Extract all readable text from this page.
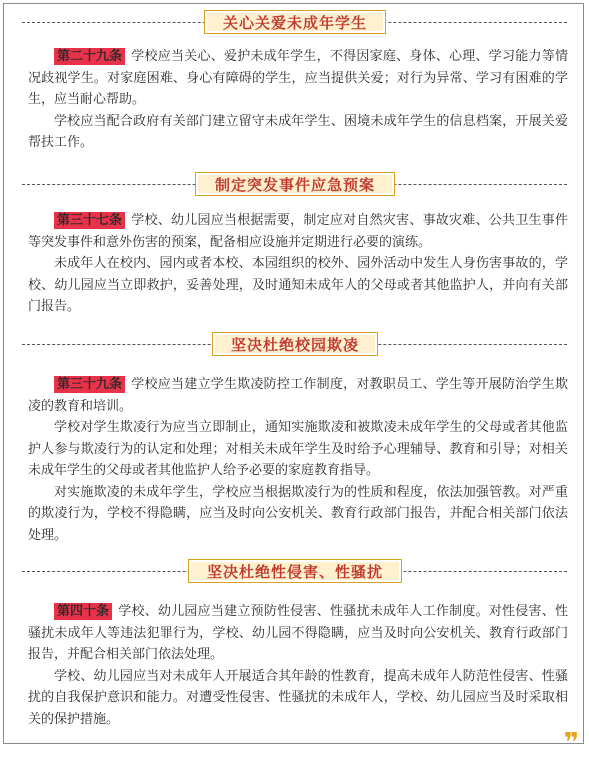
关心关爱未成年学生

第二十九条 学校应当关心、爱护未成年学生，不得因家庭、身体、心理、学习能力等情况歧视学生。对家庭困难、身心有障碍的学生，应当提供关爱；对行为异常、学习有困难的学生，应当耐心帮助。

学校应当配合政府有关部门建立留守未成年学生、困境未成年学生的信息档案，开展关爱帮扶工作。

制定突发事件应急预案

第三十七条 学校、幼儿园应当根据需要，制定应对自然灾害、事故灾难、公共卫生事件等突发事件和意外伤害的预案，配备相应设施并定期进行必要的演练。

未成年人在校内、园内或者本校、本园组织的校外、园外活动中发生人身伤害事故的，学校、幼儿园应当立即救护，妥善处理，及时通知未成年人的父母或者其他监护人，并向有关部门报告。

坚决杜绝校园欺凌

第三十九条 学校应当建立学生欺凌防控工作制度，对教职员工、学生等开展防治学生欺凌的教育和培训。

学校对学生欺凌行为应当立即制止，通知实施欺凌和被欺凌未成年学生的父母或者其他监护人参与欺凌行为的认定和处理；对相关未成年学生及时给予心理辅导、教育和引导；对相关未成年学生的父母或者其他监护人给予必要的家庭教育指导。

对实施欺凌的未成年学生，学校应当根据欺凌行为的性质和程度，依法加强管教。对严重的欺凌行为，学校不得隐瞒，应当及时向公安机关、教育行政部门报告，并配合相关部门依法处理。

坚决杜绝性侵害、性骚扰

第四十条 学校、幼儿园应当建立预防性侵害、性骚扰未成年人工作制度。对性侵害、性骚扰未成年人等违法犯罪行为，学校、幼儿园不得隐瞒，应当及时向公安机关、教育行政部门报告，并配合相关部门依法处理。

学校、幼儿园应当对未成年人开展适合其年龄的性教育，提高未成年人防范性侵害、性骚扰的自我保护意识和能力。对遭受性侵害、性骚扰的未成年人，学校、幼儿园应当及时采取相关的保护措施。

❞
